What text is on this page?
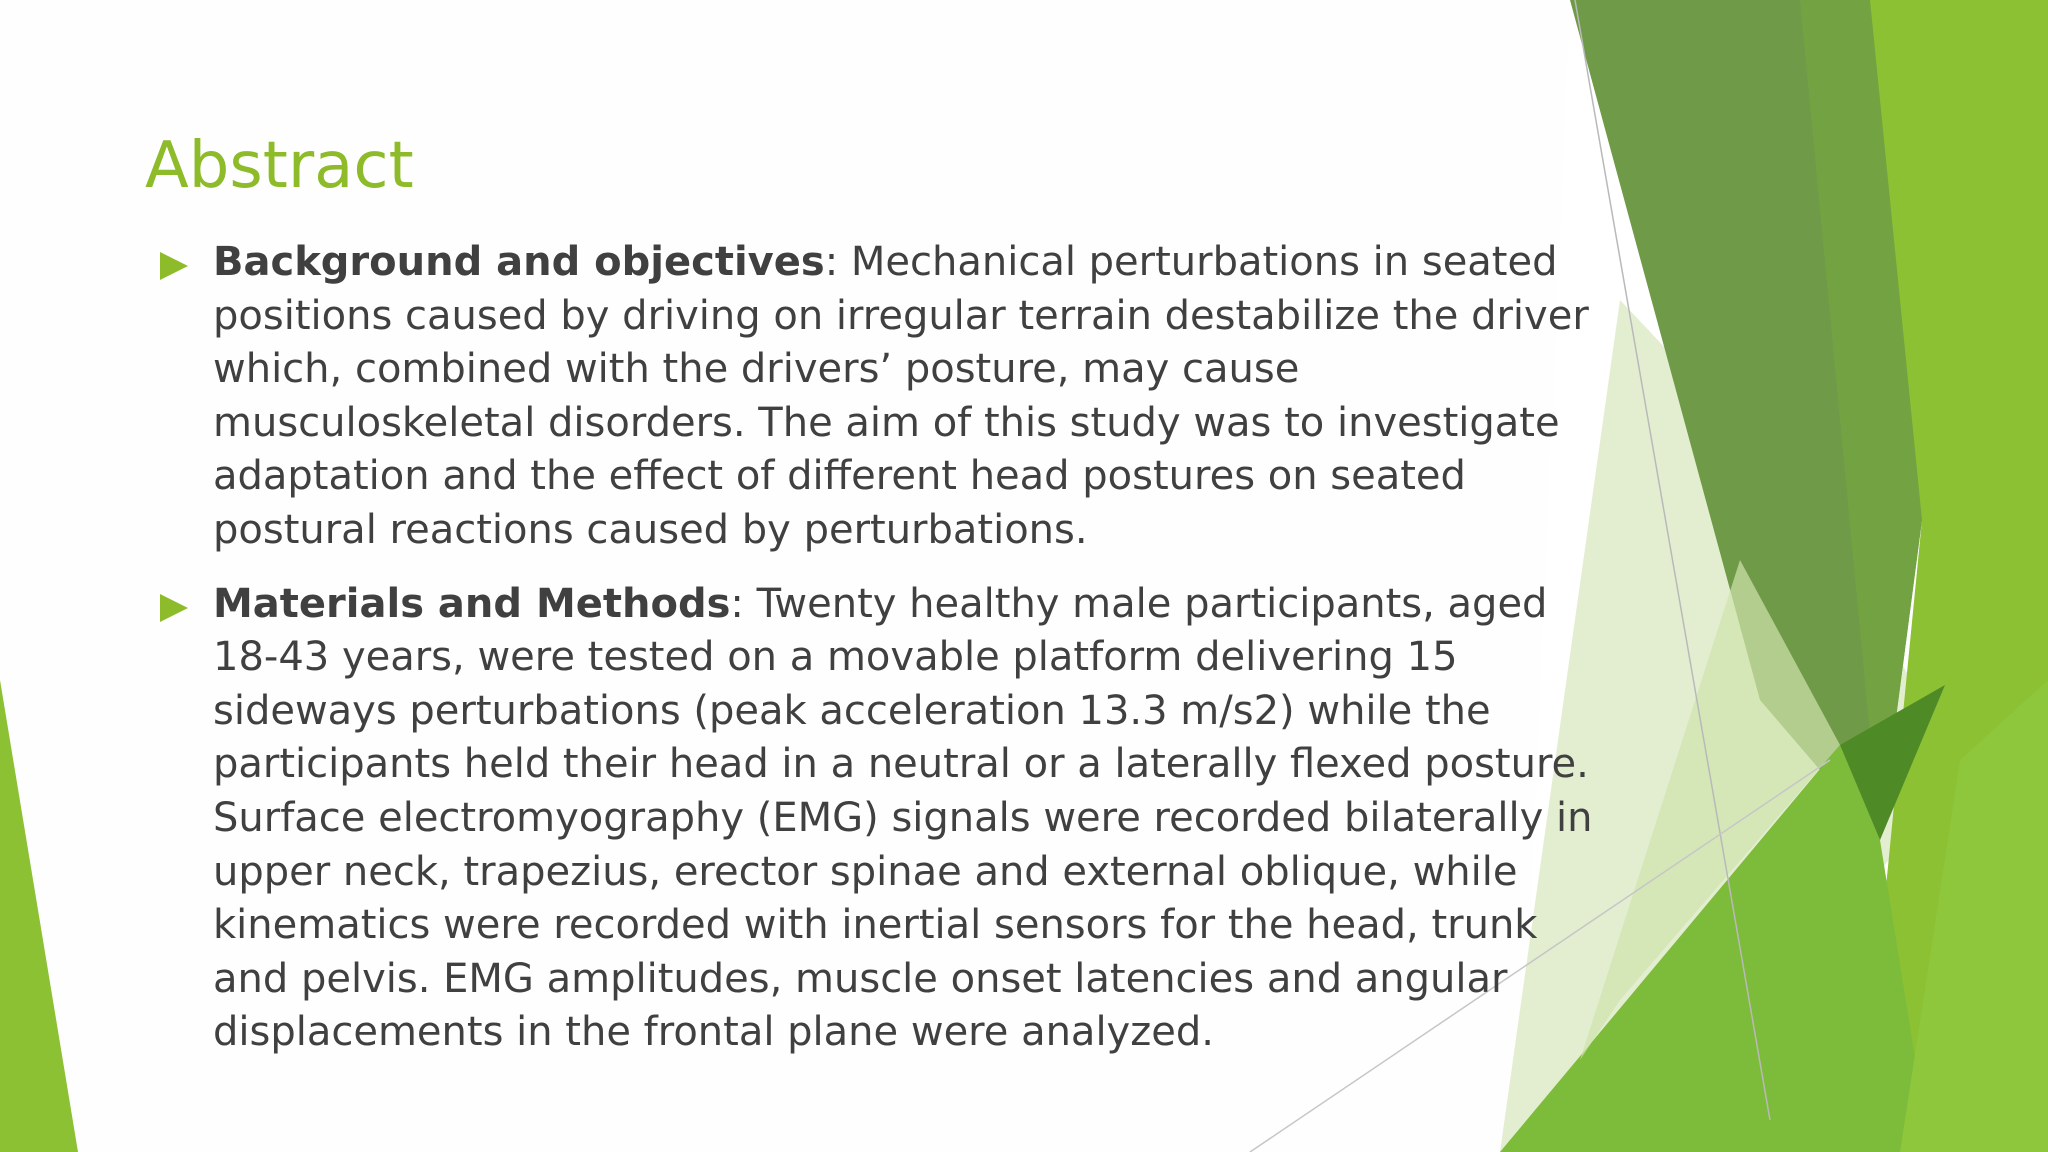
Abstract
Background and objectives: Mechanical perturbations in seated positions caused by driving on irregular terrain destabilize the driver which, combined with the drivers’ posture, may cause musculoskeletal disorders. The aim of this study was to investigate adaptation and the effect of different head postures on seated postural reactions caused by perturbations.
Materials and Methods: Twenty healthy male participants, aged 18-43 years, were tested on a movable platform delivering 15 sideways perturbations (peak acceleration 13.3 m/s2) while the participants held their head in a neutral or a laterally flexed posture. Surface electromyography (EMG) signals were recorded bilaterally in upper neck, trapezius, erector spinae and external oblique, while kinematics were recorded with inertial sensors for the head, trunk and pelvis. EMG amplitudes, muscle onset latencies and angular displacements in the frontal plane were analyzed.
